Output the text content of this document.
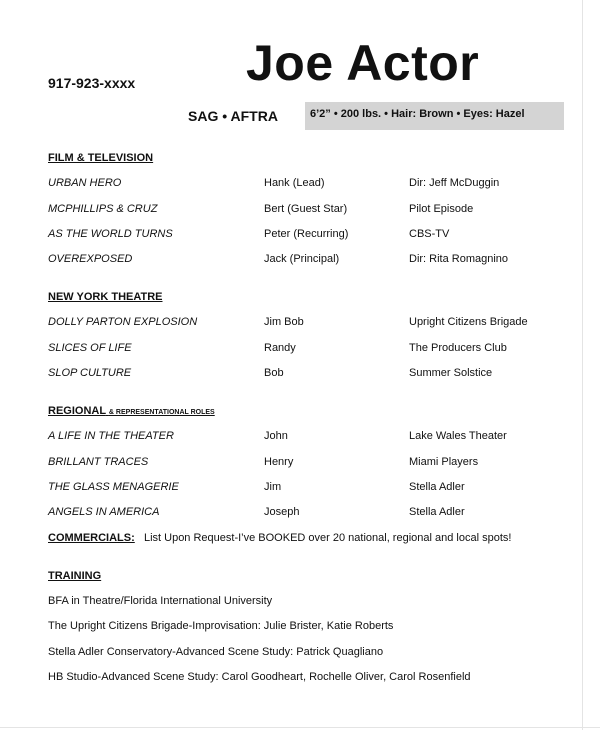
917-923-xxxx Joe Actor
SAG • AFTRA	6’2” • 200 lbs. • Hair: Brown • Eyes: Hazel
FILM & TELEVISION
URBAN HERO	Hank (Lead)	Dir: Jeff McDuggin
MCPHILLIPS & CRUZ	Bert (Guest Star)	Pilot Episode
AS THE WORLD TURNS	Peter (Recurring)	CBS-TV
OVEREXPOSED	Jack (Principal)	Dir: Rita Romagnino
NEW YORK THEATRE
DOLLY PARTON EXPLOSION	Jim Bob	Upright Citizens Brigade
SLICES OF LIFE	Randy	The Producers Club
SLOP CULTURE	Bob	Summer Solstice
REGIONAL & REPRESENTATIONAL ROLES
A LIFE IN THE THEATER	John	Lake Wales Theater
BRILLANT TRACES	Henry	Miami Players
THE GLASS MENAGERIE	Jim	Stella Adler
ANGELS IN AMERICA	Joseph	Stella Adler
COMMERCIALS: List Upon Request-I’ve BOOKED over 20 national, regional and local spots!
TRAINING
BFA in Theatre/Florida International University
The Upright Citizens Brigade-Improvisation: Julie Brister, Katie Roberts
Stella Adler Conservatory-Advanced Scene Study: Patrick Quagliano
HB Studio-Advanced Scene Study: Carol Goodheart, Rochelle Oliver, Carol Rosenfield
